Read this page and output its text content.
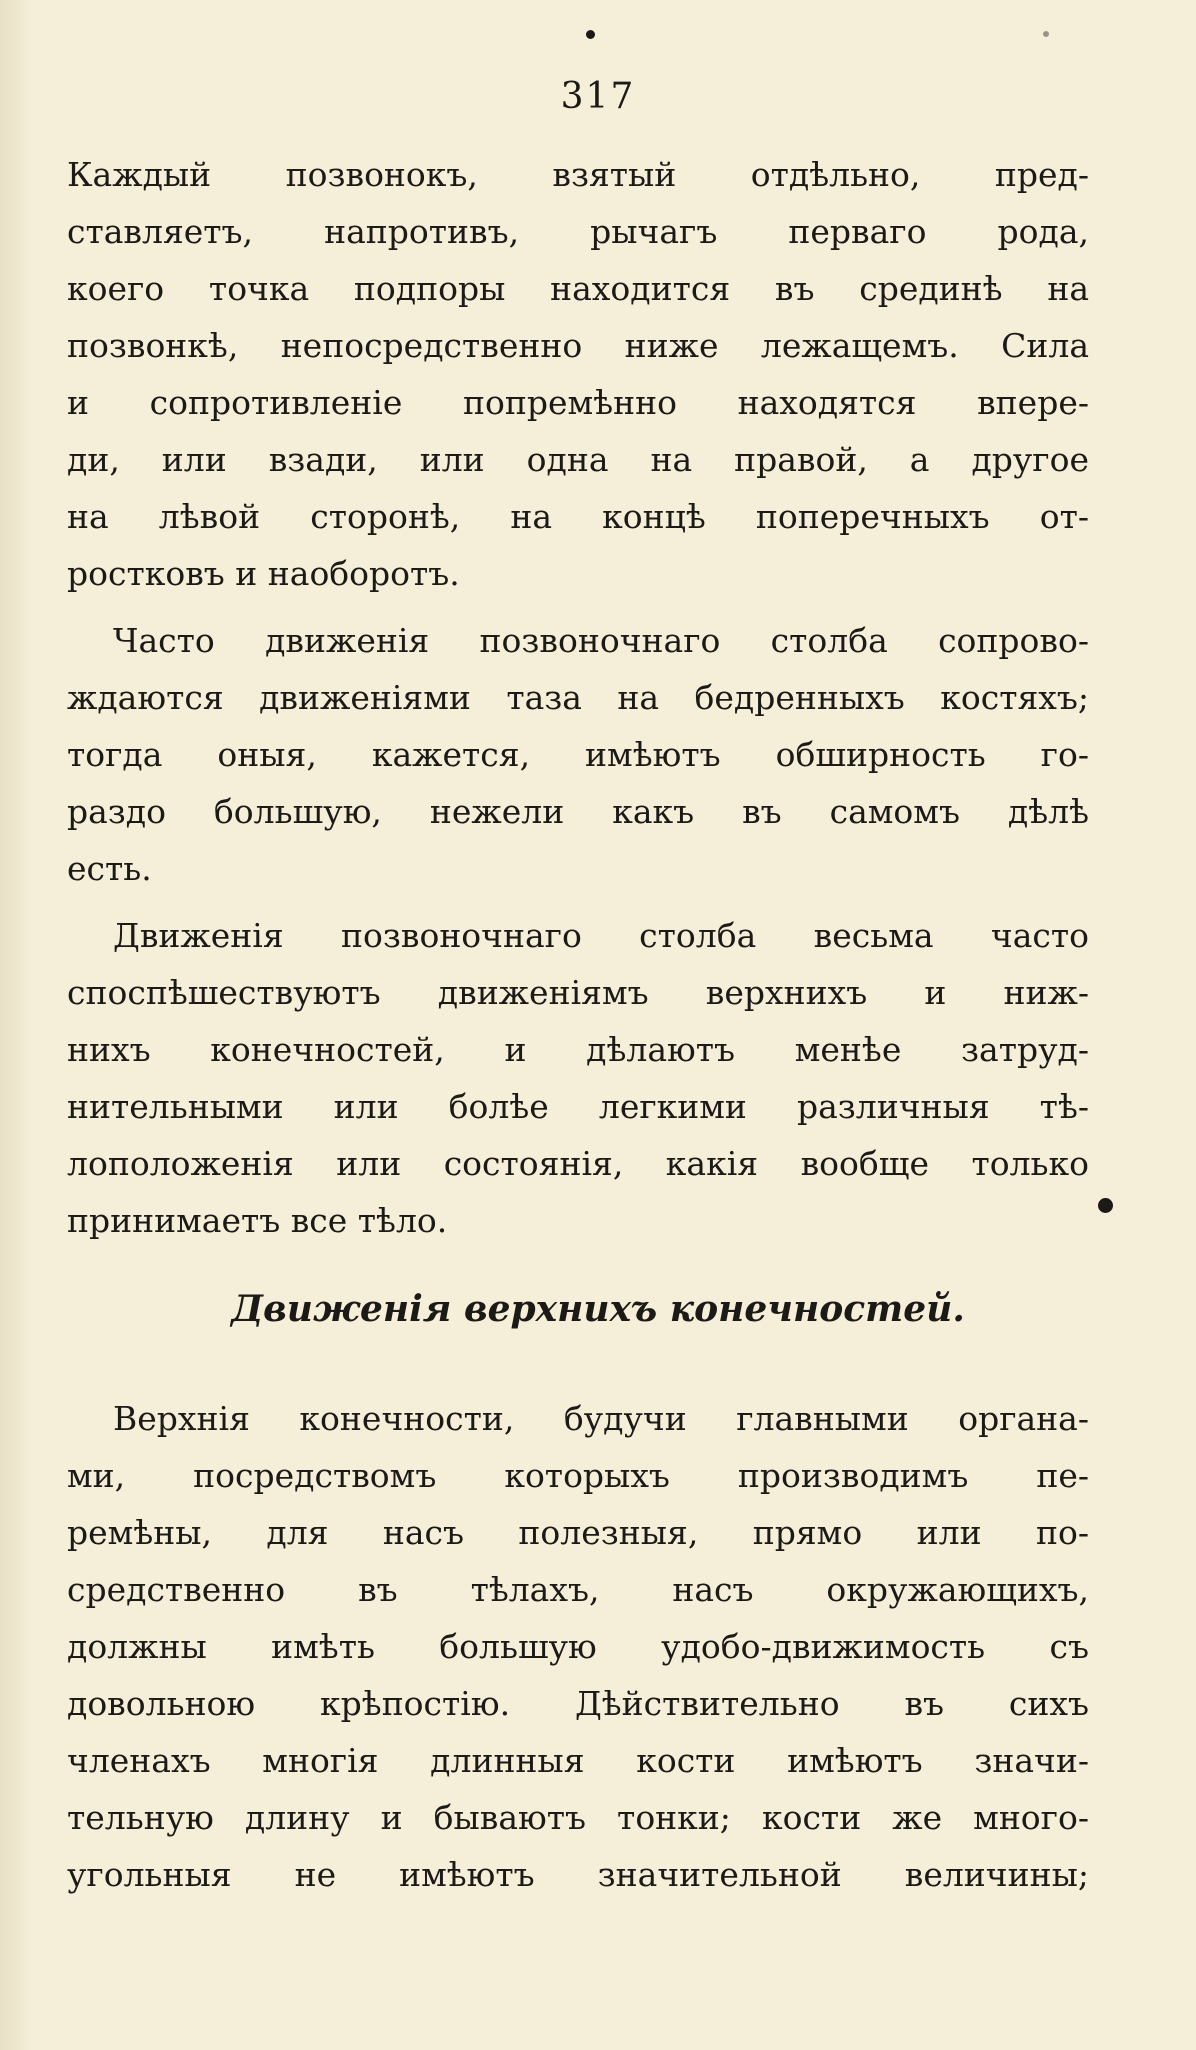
317
Каждый позвонокъ, взятый отдѣльно, пред-
ставляетъ, напротивъ, рычагъ перваго рода,
коего точка подпоры находится въ срединѣ на
позвонкѣ, непосредственно ниже лежащемъ. Сила
и сопротивленіе попремѣнно находятся впере-
ди, или взади, или одна на правой, а другое
на лѣвой сторонѣ, на концѣ поперечныхъ от-
ростковъ и наоборотъ.
Часто движенія позвоночнаго столба сопрово-
ждаются движеніями таза на бедренныхъ костяхъ;
тогда оныя, кажется, имѣютъ обширность го-
раздо большую, нежели какъ въ самомъ дѣлѣ
есть.
Движенія позвоночнаго столба весьма часто
споспѣшествуютъ движеніямъ верхнихъ и ниж-
нихъ конечностей, и дѣлаютъ менѣе затруд-
нительными или болѣе легкими различныя тѣ-
лоположенія или состоянія, какія вообще только
принимаетъ все тѣло.
Движенія верхнихъ конечностей.
Верхнія конечности, будучи главными органа-
ми, посредствомъ которыхъ производимъ пе-
ремѣны, для насъ полезныя, прямо или по-
средственно въ тѣлахъ, насъ окружающихъ,
должны имѣть большую удобо-движимость съ
довольною крѣпостію. Дѣйствительно въ сихъ
членахъ многія длинныя кости имѣютъ значи-
тельную длину и бываютъ тонки; кости же много-
угольныя не имѣютъ значительной величины;
